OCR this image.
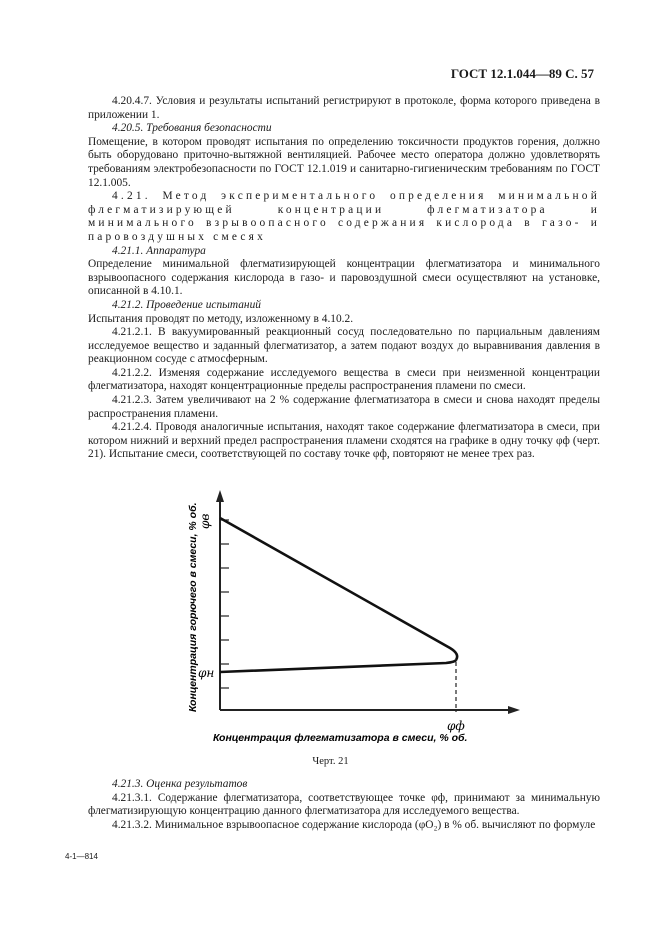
ГОСТ 12.1.044—89 С. 57

4.20.4.7. Условия и результаты испытаний регистрируют в протоколе, форма которого приведена в приложении 1.

4.20.5. Требования безопасности

Помещение, в котором проводят испытания по определению токсичности продуктов горения, должно быть оборудовано приточно-вытяжной вентиляцией. Рабочее место оператора должно удовлетворять требованиям электробезопасности по ГОСТ 12.1.019 и санитарно-гигиеническим требованиям по ГОСТ 12.1.005.

4.21. Метод экспериментального определения минимальной флегматизирующей концентрации флегматизатора и минимального взрывоопасного содержания кислорода в газо- и паровоздушных смесях

4.21.1. Аппаратура

Определение минимальной флегматизирующей концентрации флегматизатора и минимального взрывоопасного содержания кислорода в газо- и паровоздушной смеси осуществляют на установке, описанной в 4.10.1.

4.21.2. Проведение испытаний

Испытания проводят по методу, изложенному в 4.10.2.

4.21.2.1. В вакуумированный реакционный сосуд последовательно по парциальным давлениям исследуемое вещество и заданный флегматизатор, а затем подают воздух до выравнивания давления в реакционном сосуде с атмосферным.

4.21.2.2. Изменяя содержание исследуемого вещества в смеси при неизменной концентрации флегматизатора, находят концентрационные пределы распространения пламени по смеси.

4.21.2.3. Затем увеличивают на 2 % содержание флегматизатора в смеси и снова находят пределы распространения пламени.

4.21.2.4. Проводя аналогичные испытания, находят такое содержание флегматизатора в смеси, при котором нижний и верхний предел распространения пламени сходятся на графике в одну точку φф (черт. 21). Испытание смеси, соответствующей по составу точке φф, повторяют не менее трех раз.

φв
φн
φф
Концентрация горючего в смеси, % об.
Концентрация флегматизатора в смеси, % об.
Черт. 21

4.21.3. Оценка результатов

4.21.3.1. Содержание флегматизатора, соответствующее точке φф, принимают за минимальную флегматизирующую концентрацию данного флегматизатора для исследуемого вещества.

4.21.3.2. Минимальное взрывоопасное содержание кислорода (φO₂) в % об. вычисляют по формуле

4-1—814
